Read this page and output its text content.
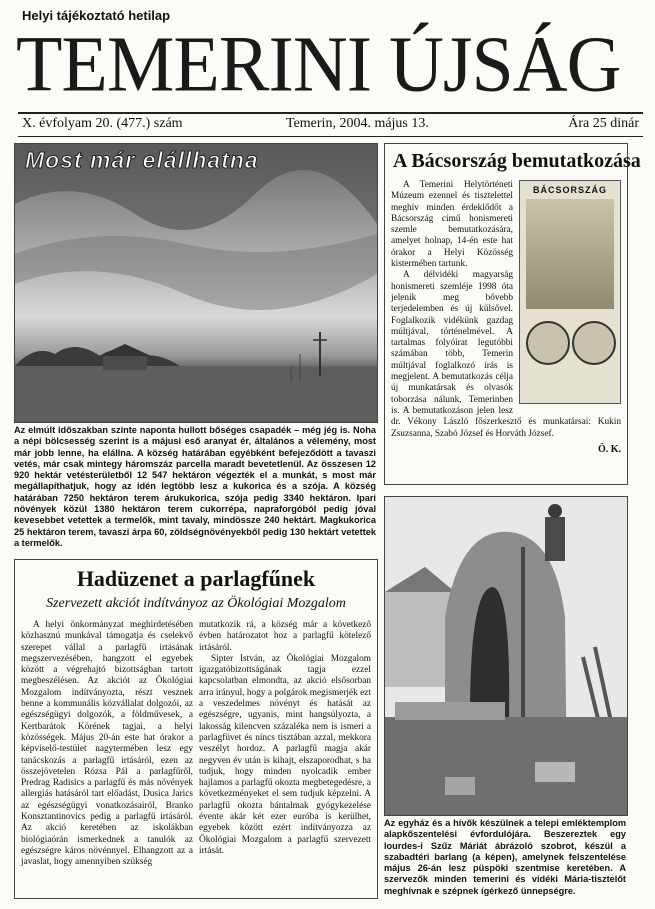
Helyi tájékoztató hetilap
TEMERINI ÚJSÁG
X. évfolyam 20. (477.) szám	Temerin, 2004. május 13.	Ára 25 dinár
Most már elállhatna
Az elmúlt időszakban szinte naponta hullott bőséges csapadék – még jég is. Noha a népi bölcsesség szerint is a májusi eső aranyat ér, általános a vélemény, most már jobb lenne, ha elállna. A község határában egyébként befejeződött a tavaszi vetés, már csak mintegy háromszáz parcella maradt bevetetlenül. Az összesen 12 920 hektár vetésterületből 12 547 hektáron végezték el a munkát, s most már megállapíthatjuk, hogy az idén legtöbb lesz a kukorica és a szója. A község határában 7250 hektáron terem árukukorica, szója pedig 3340 hektáron. Ipari növények közül 1380 hektáron terem cukorrépa, napraforgóból pedig jóval kevesebbet vetettek a termelők, mint tavaly, mindössze 240 hektárt. Magkukorica 25 hektáron terem, tavaszi árpa 60, zöldségnövényekből pedig 130 hektárt vetettek a termelők.
A Bácsország bemutatkozása
BÁCSORSZÁG

A Temerini Helytörténeti Múzeum ezennel és tisztelettel meghív minden érdeklődőt a Bácsország című honismereti szemle bemutatkozására, amelyet holnap, 14-én este hat órakor a Helyi Közösség kistermében tartunk.

A délvidéki magyarság honismereti szemléje 1998 óta jelenik meg bővebb terjedelemben és új külsővel. Foglalkozik vidékünk gazdag múltjával, történelmével. A tartalmas folyóirat legutóbbi számában több, Temerin múltjával foglalkozó írás is megjelent. A bemutatkozás célja új munkatársak és olvasók toborzása nálunk, Temerinben is. A bemutatkozáson jelen lesz dr. Vékony László főszerkesztő és munkatársai: Kukin Zsuzsanna, Szabó József és Horváth József.

Ö. K.
Hadüzenet a parlagfűnek
Szervezett akciót indítványoz az Ökológiai Mozgalom

A helyi önkormányzat meghirdetésében közhasznú munkával támogatja és cselekvő szerepet vállal a parlagfű irtásának megszervezésében, hangzott el egyebek között a végrehajtó bizottságban tartott megbeszélésen. Az akciót az Ökológiai Mozgalom indítványozta, részt vesznek benne a kommunális közvállalat dolgozói, az egészségügyi dolgozók, a földművesek, a Kertbarátok Körének tagjai, a helyi közösségek. Május 20-án este hat órakor a képviselő-testület nagytermében lesz egy tanácskozás a parlagfű irtásáról, ezen az összejövetelen Rózsa Pál a parlagfűről, Predrag Radisics a parlagfű és más növények allergiás hatásáról tart előadást, Dusica Jarics az egészségügyi vonatkozásairól, Branko Konsztantinovics pedig a parlagfű irtásáról. Az akció keretében az iskolákban biológiaórán ismerkednek a tanulók az egészségre káros növénnyel. Elhangzott az a javaslat, hogy amennyiben szükség

mutatkozik rá, a község már a következő évben határozatot hoz a parlagfű kötelező irtásáról.

Sipter István, az Ökológiai Mozgalom igazgatóbizottságának tagja ezzel kapcsolatban elmondta, az akció elsősorban arra irányul, hogy a polgárok megismerjék ezt a veszedelmes növényt és hatását az egészségre, ugyanis, mint hangsúlyozta, a lakosság kilencven százaléka nem is ismeri a parlagfüvet és nincs tisztában azzal, mekkora veszélyt hordoz. A parlagfű magja akár negyven év után is kihajt, elszaporodhat, s ha tudjuk, hogy minden nyolcadik ember hajlamos a parlagfű okozta megbetegedésre, a következményeket el sem tudjuk képzelni. A parlagfű okozta bántalmak gyógykezelése évente akár két ezer euróba is kerülhet, egyebek között ezért indítványozza az Ökológiai Mozgalom a parlagfű szervezett irtását.

Az egyház és a hívők készülnek a telepi emléktemplom alapkőszentelési évfordulójára. Beszereztek egy lourdes-i Szűz Máriát ábrázoló szobrot, készül a szabadtéri barlang (a képen), amelynek felszentelése május 26-án lesz püspöki szentmise keretében. A szervezők minden temerini és vidéki Mária-tisztelőt meghívnak e szépnek ígérkező ünnepségre.
